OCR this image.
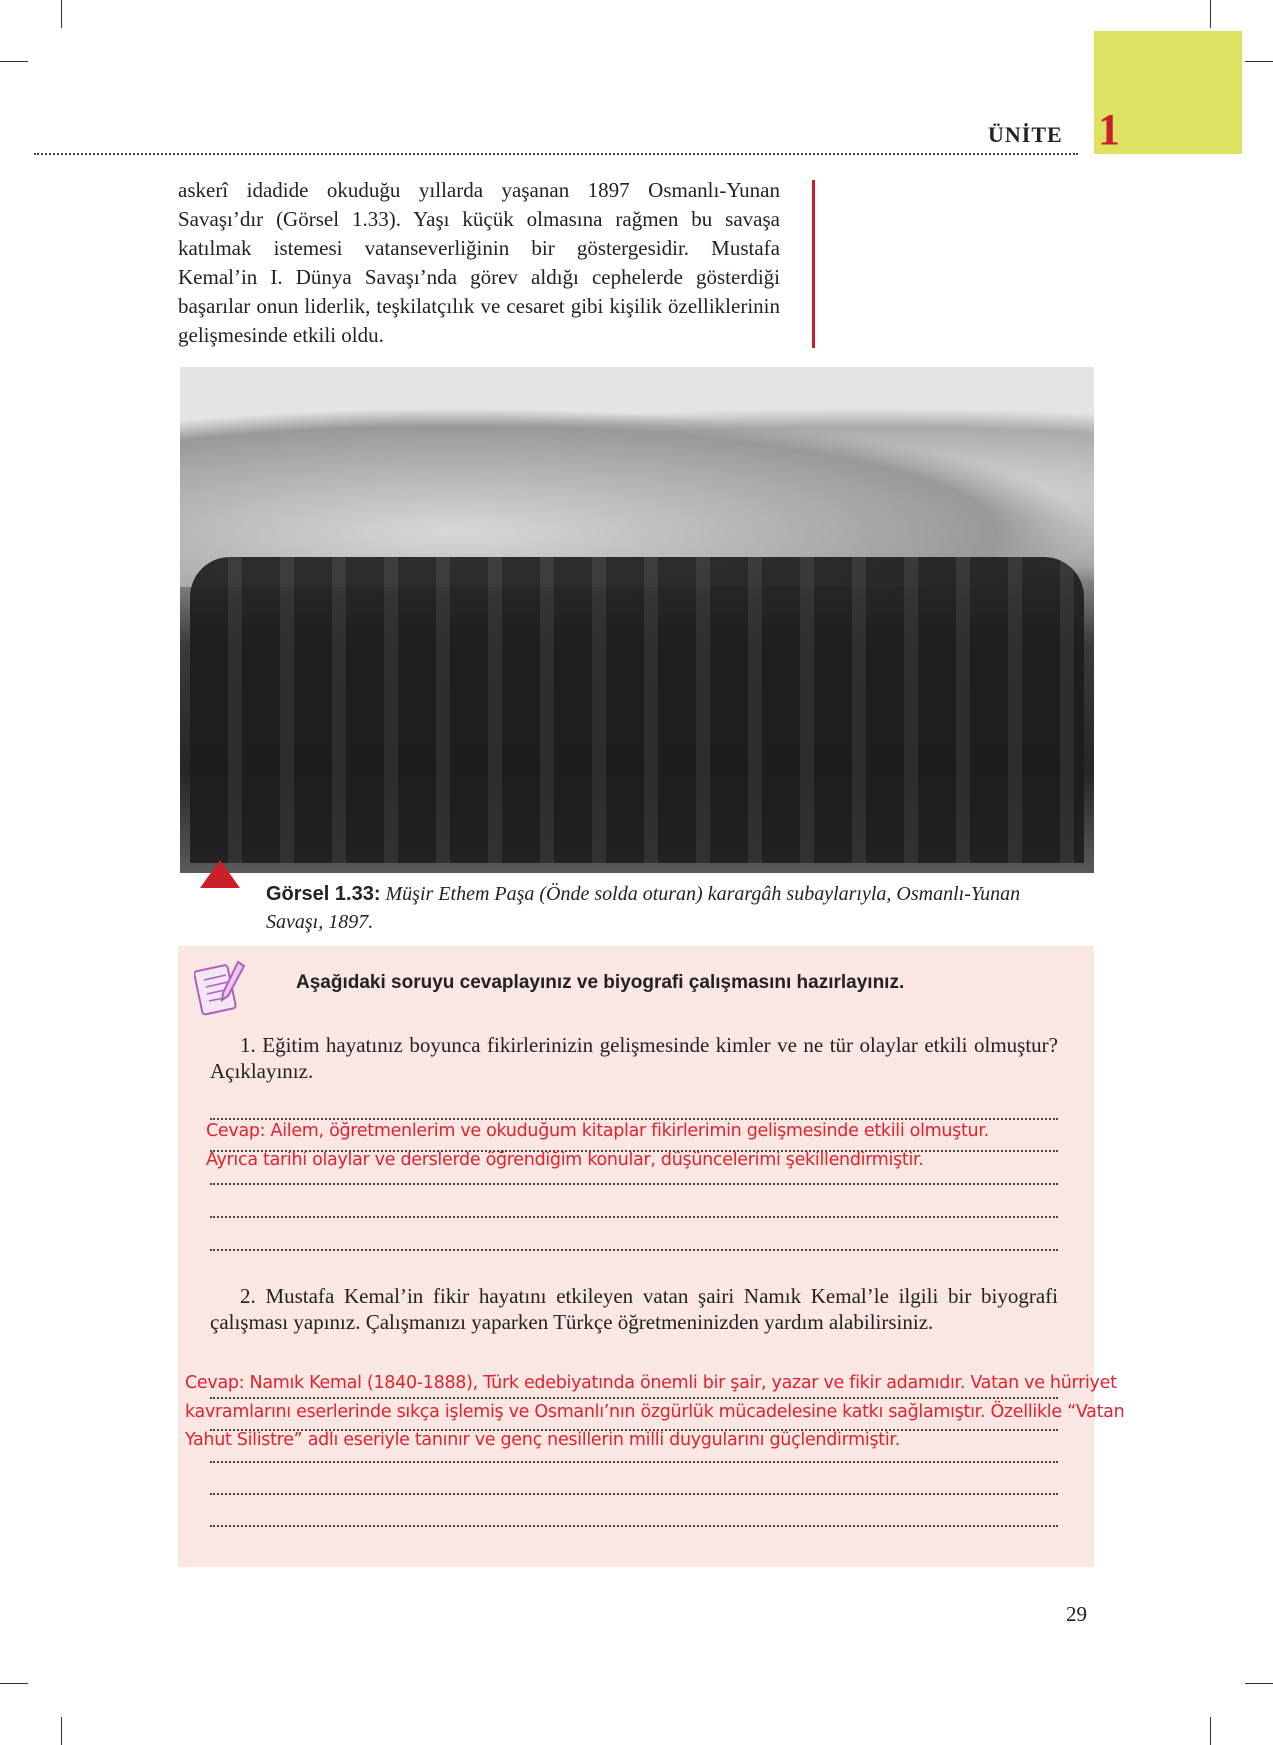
ÜNİTE 1
askerî idadide okuduğu yıllarda yaşanan 1897 Osmanlı-Yunan Savaşı’dır (Görsel 1.33). Yaşı küçük olmasına rağmen bu savaşa katılmak istemesi vatanseverliğinin bir göstergesidir. Mustafa Kemal’in I. Dünya Savaşı’nda görev aldığı cephelerde gösterdiği başarılar onun liderlik, teşkilatçılık ve cesaret gibi kişilik özelliklerinin gelişmesinde etkili oldu.
Görsel 1.33: Müşir Ethem Paşa (Önde solda oturan) karargâh subaylarıyla, Osmanlı-Yunan Savaşı, 1897.
Aşağıdaki soruyu cevaplayınız ve biyografi çalışmasını hazırlayınız.
1. Eğitim hayatınız boyunca fikirlerinizin gelişmesinde kimler ve ne tür olaylar etkili olmuştur? Açıklayınız.
Cevap: Ailem, öğretmenlerim ve okuduğum kitaplar fikirlerimin gelişmesinde etkili olmuştur. Ayrıca tarihi olaylar ve derslerde öğrendiğim konular, düşüncelerimi şekillendirmiştir.
2. Mustafa Kemal’in fikir hayatını etkileyen vatan şairi Namık Kemal’le ilgili bir biyografi çalışması yapınız. Çalışmanızı yaparken Türkçe öğretmeninizden yardım alabilirsiniz.
Cevap: Namık Kemal (1840-1888), Türk edebiyatında önemli bir şair, yazar ve fikir adamıdır. Vatan ve hürriyet kavramlarını eserlerinde sıkça işlemiş ve Osmanlı’nın özgürlük mücadelesine katkı sağlamıştır. Özellikle “Vatan Yahut Silistre” adlı eseriyle tanınır ve genç nesillerin milli duygularını güçlendirmiştir.
29
